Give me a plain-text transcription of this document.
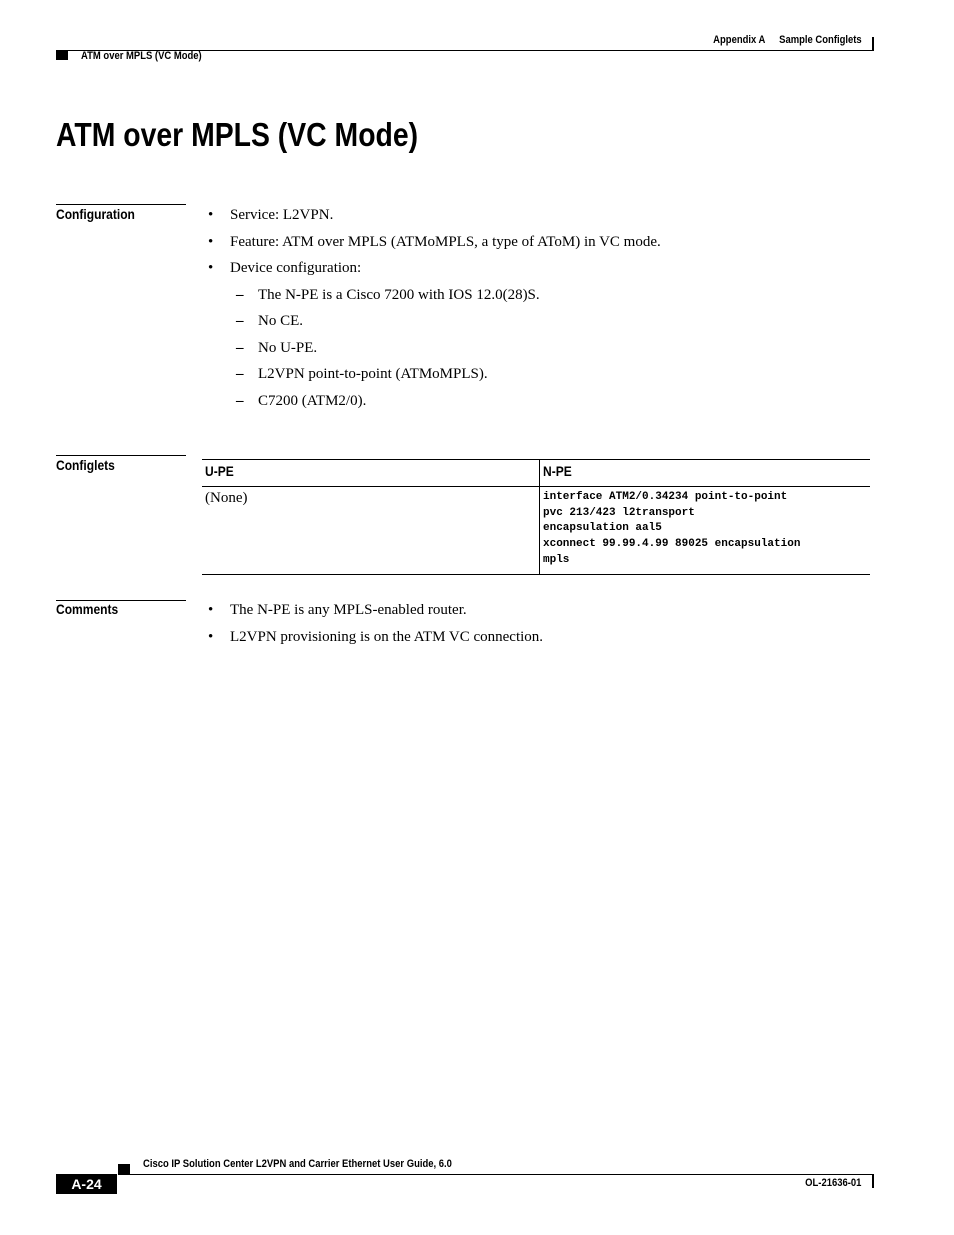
Appendix A Sample Configlets
ATM over MPLS (VC Mode)
ATM over MPLS (VC Mode)
Configuration	• Service: L2VPN.
• Feature: ATM over MPLS (ATMoMPLS, a type of AToM) in VC mode.
• Device configuration:
– The N-PE is a Cisco 7200 with IOS 12.0(28)S.
– No CE.
– No U-PE.
– L2VPN point-to-point (ATMoMPLS).
– C7200 (ATM2/0).
Configlets	U-PE	N-PE
(None)	interface ATM2/0.34234 point-to-point
pvc 213/423 l2transport
encapsulation aal5
xconnect 99.99.4.99 89025 encapsulation
mpls
Comments	• The N-PE is any MPLS-enabled router.
• L2VPN provisioning is on the ATM VC connection.
Cisco IP Solution Center L2VPN and Carrier Ethernet User Guide, 6.0
OL-21636-01
A-24
